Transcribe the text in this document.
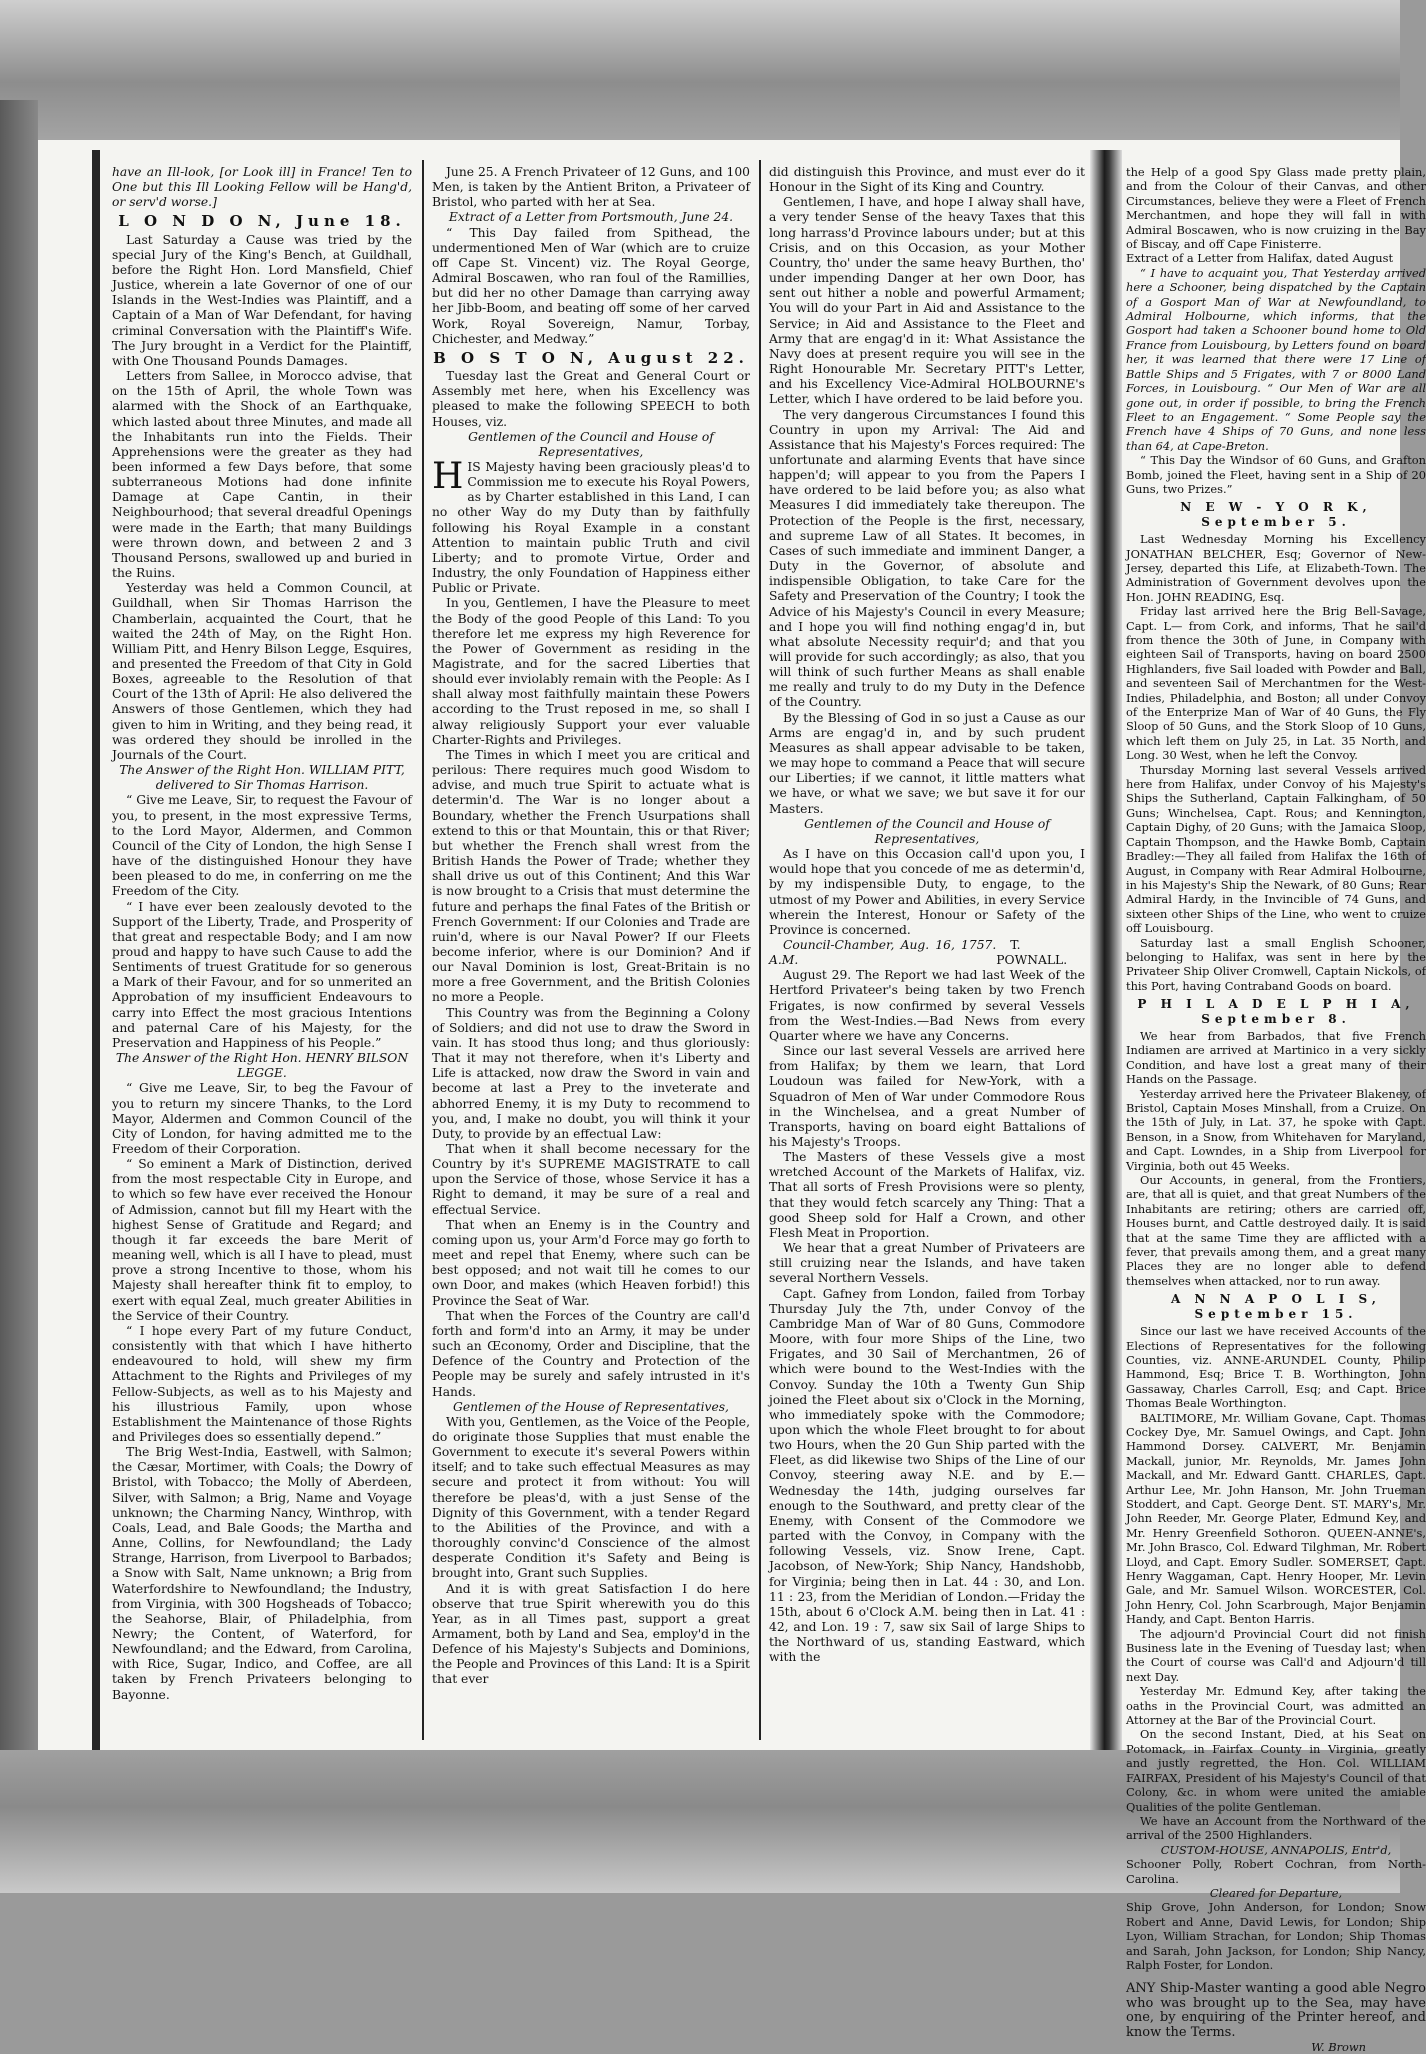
have an Ill-look, [or Look ill] in France! Ten to One but this Ill Looking Fellow will be Hang'd, or serv'd worse.]

L O N D O N, June 18.

Last Saturday a Cause was tried by the special Jury of the King's Bench, at Guildhall, before the Right Hon. Lord Mansfield, Chief Justice, wherein a late Governor of one of our Islands in the West-Indies was Plaintiff, and a Captain of a Man of War Defendant, for having criminal Conversation with the Plaintiff's Wife. The Jury brought in a Verdict for the Plaintiff, with One Thousand Pounds Damages.

Letters from Sallee, in Morocco advise, that on the 15th of April, the whole Town was alarmed with the Shock of an Earthquake, which lasted about three Minutes, and made all the Inhabitants run into the Fields. Their Apprehensions were the greater as they had been informed a few Days before, that some subterraneous Motions had done infinite Damage at Cape Cantin, in their Neighbourhood; that several dreadful Openings were made in the Earth; that many Buildings were thrown down, and between 2 and 3 Thousand Persons, swallowed up and buried in the Ruins.

Yesterday was held a Common Council, at Guildhall, when Sir Thomas Harrison the Chamberlain, acquainted the Court, that he waited the 24th of May, on the Right Hon. William Pitt, and Henry Bilson Legge, Esquires, and presented the Freedom of that City in Gold Boxes, agreeable to the Resolution of that Court of the 13th of April: He also delivered the Answers of those Gentlemen, which they had given to him in Writing, and they being read, it was ordered they should be inrolled in the Journals of the Court.

The Answer of the Right Hon. WILLIAM PITT, delivered to Sir Thomas Harrison.

“ Give me Leave, Sir, to request the Favour of you, to present, in the most expressive Terms, to the Lord Mayor, Aldermen, and Common Council of the City of London, the high Sense I have of the distinguished Honour they have been pleased to do me, in conferring on me the Freedom of the City.

“ I have ever been zealously devoted to the Support of the Liberty, Trade, and Prosperity of that great and respectable Body; and I am now proud and happy to have such Cause to add the Sentiments of truest Gratitude for so generous a Mark of their Favour, and for so unmerited an Approbation of my insufficient Endeavours to carry into Effect the most gracious Intentions and paternal Care of his Majesty, for the Preservation and Happiness of his People.”

The Answer of the Right Hon. HENRY BILSON LEGGE.

“ Give me Leave, Sir, to beg the Favour of you to return my sincere Thanks, to the Lord Mayor, Aldermen and Common Council of the City of London, for having admitted me to the Freedom of their Corporation.

“ So eminent a Mark of Distinction, derived from the most respectable City in Europe, and to which so few have ever received the Honour of Admission, cannot but fill my Heart with the highest Sense of Gratitude and Regard; and though it far exceeds the bare Merit of meaning well, which is all I have to plead, must prove a strong Incentive to those, whom his Majesty shall hereafter think fit to employ, to exert with equal Zeal, much greater Abilities in the Service of their Country.

“ I hope every Part of my future Conduct, consistently with that which I have hitherto endeavoured to hold, will shew my firm Attachment to the Rights and Privileges of my Fellow-Subjects, as well as to his Majesty and his illustrious Family, upon whose Establishment the Maintenance of those Rights and Privileges does so essentially depend.”

The Brig West-India, Eastwell, with Salmon; the Cæsar, Mortimer, with Coals; the Dowry of Bristol, with Tobacco; the Molly of Aberdeen, Silver, with Salmon; a Brig, Name and Voyage unknown; the Charming Nancy, Winthrop, with Coals, Lead, and Bale Goods; the Martha and Anne, Collins, for Newfoundland; the Lady Strange, Harrison, from Liverpool to Barbados; a Snow with Salt, Name unknown; a Brig from Waterfordshire to Newfoundland; the Industry, from Virginia, with 300 Hogsheads of Tobacco; the Seahorse, Blair, of Philadelphia, from Newry; the Content, of Waterford, for Newfoundland; and the Edward, from Carolina, with Rice, Sugar, Indico, and Coffee, are all taken by French Privateers belonging to Bayonne.

June 25. A French Privateer of 12 Guns, and 100 Men, is taken by the Antient Briton, a Privateer of Bristol, who parted with her at Sea.

Extract of a Letter from Portsmouth, June 24.

“ This Day failed from Spithead, the undermentioned Men of War (which are to cruize off Cape St. Vincent) viz. The Royal George, Admiral Boscawen, who ran foul of the Ramillies, but did her no other Damage than carrying away her Jibb-Boom, and beating off some of her carved Work, Royal Sovereign, Namur, Torbay, Chichester, and Medway.”

B O S T O N, August 22.

Tuesday last the Great and General Court or Assembly met here, when his Excellency was pleased to make the following SPEECH to both Houses, viz.

Gentlemen of the Council and House of Representatives,

HIS Majesty having been graciously pleas'd to Commission me to execute his Royal Powers, as by Charter established in this Land, I can no other Way do my Duty than by faithfully following his Royal Example in a constant Attention to maintain public Truth and civil Liberty; and to promote Virtue, Order and Industry, the only Foundation of Happiness either Public or Private.

In you, Gentlemen, I have the Pleasure to meet the Body of the good People of this Land: To you therefore let me express my high Reverence for the Power of Government as residing in the Magistrate, and for the sacred Liberties that should ever inviolably remain with the People: As I shall alway most faithfully maintain these Powers according to the Trust reposed in me, so shall I alway religiously Support your ever valuable Charter-Rights and Privileges.

The Times in which I meet you are critical and perilous: There requires much good Wisdom to advise, and much true Spirit to actuate what is determin'd. The War is no longer about a Boundary, whether the French Usurpations shall extend to this or that Mountain, this or that River; but whether the French shall wrest from the British Hands the Power of Trade; whether they shall drive us out of this Continent; And this War is now brought to a Crisis that must determine the future and perhaps the final Fates of the British or French Government: If our Colonies and Trade are ruin'd, where is our Naval Power? If our Fleets become inferior, where is our Dominion? And if our Naval Dominion is lost, Great-Britain is no more a free Government, and the British Colonies no more a People.

This Country was from the Beginning a Colony of Soldiers; and did not use to draw the Sword in vain. It has stood thus long; and thus gloriously: That it may not therefore, when it's Liberty and Life is attacked, now draw the Sword in vain and become at last a Prey to the inveterate and abhorred Enemy, it is my Duty to recommend to you, and, I make no doubt, you will think it your Duty, to provide by an effectual Law:

That when it shall become necessary for the Country by it's SUPREME MAGISTRATE to call upon the Service of those, whose Service it has a Right to demand, it may be sure of a real and effectual Service.

That when an Enemy is in the Country and coming upon us, your Arm'd Force may go forth to meet and repel that Enemy, where such can be best opposed; and not wait till he comes to our own Door, and makes (which Heaven forbid!) this Province the Seat of War.

That when the Forces of the Country are call'd forth and form'd into an Army, it may be under such an Œconomy, Order and Discipline, that the Defence of the Country and Protection of the People may be surely and safely intrusted in it's Hands.

Gentlemen of the House of Representatives,

With you, Gentlemen, as the Voice of the People, do originate those Supplies that must enable the Government to execute it's several Powers within itself; and to take such effectual Measures as may secure and protect it from without: You will therefore be pleas'd, with a just Sense of the Dignity of this Government, with a tender Regard to the Abilities of the Province, and with a thoroughly convinc'd Conscience of the almost desperate Condition it's Safety and Being is brought into, Grant such Supplies.

And it is with great Satisfaction I do here observe that true Spirit wherewith you do this Year, as in all Times past, support a great Armament, both by Land and Sea, employ'd in the Defence of his Majesty's Subjects and Dominions, the People and Provinces of this Land: It is a Spirit that ever

did distinguish this Province, and must ever do it Honour in the Sight of its King and Country.

Gentlemen, I have, and hope I alway shall have, a very tender Sense of the heavy Taxes that this long harrass'd Province labours under; but at this Crisis, and on this Occasion, as your Mother Country, tho' under the same heavy Burthen, tho' under impending Danger at her own Door, has sent out hither a noble and powerful Armament; You will do your Part in Aid and Assistance to the Service; in Aid and Assistance to the Fleet and Army that are engag'd in it: What Assistance the Navy does at present require you will see in the Right Honourable Mr. Secretary PITT's Letter, and his Excellency Vice-Admiral HOLBOURNE's Letter, which I have ordered to be laid before you.

The very dangerous Circumstances I found this Country in upon my Arrival: The Aid and Assistance that his Majesty's Forces required: The unfortunate and alarming Events that have since happen'd; will appear to you from the Papers I have ordered to be laid before you; as also what Measures I did immediately take thereupon. The Protection of the People is the first, necessary, and supreme Law of all States. It becomes, in Cases of such immediate and imminent Danger, a Duty in the Governor, of absolute and indispensible Obligation, to take Care for the Safety and Preservation of the Country; I took the Advice of his Majesty's Council in every Measure; and I hope you will find nothing engag'd in, but what absolute Necessity requir'd; and that you will provide for such accordingly; as also, that you will think of such further Means as shall enable me really and truly to do my Duty in the Defence of the Country.

By the Blessing of God in so just a Cause as our Arms are engag'd in, and by such prudent Measures as shall appear advisable to be taken, we may hope to command a Peace that will secure our Liberties; if we cannot, it little matters what we have, or what we save; we but save it for our Masters.

Gentlemen of the Council and House of Representatives,

As I have on this Occasion call'd upon you, I would hope that you concede of me as determin'd, by my indispensible Duty, to engage, to the utmost of my Power and Abilities, in every Service wherein the Interest, Honour or Safety of the Province is concerned.

Council-Chamber, Aug. 16, 1757. A.M.
T. POWNALL.

August 29. The Report we had last Week of the Hertford Privateer's being taken by two French Frigates, is now confirmed by several Vessels from the West-Indies.—Bad News from every Quarter where we have any Concerns.

Since our last several Vessels are arrived here from Halifax; by them we learn, that Lord Loudoun was failed for New-York, with a Squadron of Men of War under Commodore Rous in the Winchelsea, and a great Number of Transports, having on board eight Battalions of his Majesty's Troops.

The Masters of these Vessels give a most wretched Account of the Markets of Halifax, viz. That all sorts of Fresh Provisions were so plenty, that they would fetch scarcely any Thing: That a good Sheep sold for Half a Crown, and other Flesh Meat in Proportion.

We hear that a great Number of Privateers are still cruizing near the Islands, and have taken several Northern Vessels.

Capt. Gafney from London, failed from Torbay Thursday July the 7th, under Convoy of the Cambridge Man of War of 80 Guns, Commodore Moore, with four more Ships of the Line, two Frigates, and 30 Sail of Merchantmen, 26 of which were bound to the West-Indies with the Convoy. Sunday the 10th a Twenty Gun Ship joined the Fleet about six o'Clock in the Morning, who immediately spoke with the Commodore; upon which the whole Fleet brought to for about two Hours, when the 20 Gun Ship parted with the Fleet, as did likewise two Ships of the Line of our Convoy, steering away N.E. and by E.— Wednesday the 14th, judging ourselves far enough to the Southward, and pretty clear of the Enemy, with Consent of the Commodore we parted with the Convoy, in Company with the following Vessels, viz. Snow Irene, Capt. Jacobson, of New-York; Ship Nancy, Handshobb, for Virginia; being then in Lat. 44 : 30, and Lon. 11 : 23, from the Meridian of London.—Friday the 15th, about 6 o'Clock A.M. being then in Lat. 41 : 42, and Lon. 19 : 7, saw six Sail of large Ships to the Northward of us, standing Eastward, which with the

the Help of a good Spy Glass made pretty plain, and from the Colour of their Canvas, and other Circumstances, believe they were a Fleet of French Merchantmen, and hope they will fall in with Admiral Boscawen, who is now cruizing in the Bay of Biscay, and off Cape Finisterre.

Extract of a Letter from Halifax, dated August

“ I have to acquaint you, That Yesterday arrived here a Schooner, being dispatched by the Captain of a Gosport Man of War at Newfoundland, to Admiral Holbourne, which informs, that the Gosport had taken a Schooner bound home to Old France from Louisbourg, by Letters found on board her, it was learned that there were 17 Line of Battle Ships and 5 Frigates, with 7 or 8000 Land Forces, in Louisbourg. “ Our Men of War are all gone out, in order if possible, to bring the French Fleet to an Engagement. “ Some People say the French have 4 Ships of 70 Guns, and none less than 64, at Cape-Breton.

“ This Day the Windsor of 60 Guns, and Grafton Bomb, joined the Fleet, having sent in a Ship of 20 Guns, two Prizes.”

N E W - Y O R K, September 5.

Last Wednesday Morning his Excellency JONATHAN BELCHER, Esq; Governor of New-Jersey, departed this Life, at Elizabeth-Town. The Administration of Government devolves upon the Hon. JOHN READING, Esq.

Friday last arrived here the Brig Bell-Savage, Capt. L— from Cork, and informs, That he sail'd from thence the 30th of June, in Company with eighteen Sail of Transports, having on board 2500 Highlanders, five Sail loaded with Powder and Ball, and seventeen Sail of Merchantmen for the West-Indies, Philadelphia, and Boston; all under Convoy of the Enterprize Man of War of 40 Guns, the Fly Sloop of 50 Guns, and the Stork Sloop of 10 Guns, which left them on July 25, in Lat. 35 North, and Long. 30 West, when he left the Convoy.

Thursday Morning last several Vessels arrived here from Halifax, under Convoy of his Majesty's Ships the Sutherland, Captain Falkingham, of 50 Guns; Winchelsea, Capt. Rous; and Kennington, Captain Dighy, of 20 Guns; with the Jamaica Sloop, Captain Thompson, and the Hawke Bomb, Captain Bradley:—They all failed from Halifax the 16th of August, in Company with Rear Admiral Holbourne, in his Majesty's Ship the Newark, of 80 Guns; Rear Admiral Hardy, in the Invincible of 74 Guns, and sixteen other Ships of the Line, who went to cruize off Louisbourg.

Saturday last a small English Schooner, belonging to Halifax, was sent in here by the Privateer Ship Oliver Cromwell, Captain Nickols, of this Port, having Contraband Goods on board.

P H I L A D E L P H I A, September 8.

We hear from Barbados, that five French Indiamen are arrived at Martinico in a very sickly Condition, and have lost a great many of their Hands on the Passage.

Yesterday arrived here the Privateer Blakeney, of Bristol, Captain Moses Minshall, from a Cruize. On the 15th of July, in Lat. 37, he spoke with Capt. Benson, in a Snow, from Whitehaven for Maryland, and Capt. Lowndes, in a Ship from Liverpool for Virginia, both out 45 Weeks.

Our Accounts, in general, from the Frontiers, are, that all is quiet, and that great Numbers of the Inhabitants are retiring; others are carried off, Houses burnt, and Cattle destroyed daily. It is said that at the same Time they are afflicted with a fever, that prevails among them, and a great many Places they are no longer able to defend themselves when attacked, nor to run away.

A N N A P O L I S, September 15.

Since our last we have received Accounts of the Elections of Representatives for the following Counties, viz. ANNE-ARUNDEL County, Philip Hammond, Esq; Brice T. B. Worthington, John Gassaway, Charles Carroll, Esq; and Capt. Brice Thomas Beale Worthington.

BALTIMORE, Mr. William Govane, Capt. Thomas Cockey Dye, Mr. Samuel Owings, and Capt. John Hammond Dorsey. CALVERT, Mr. Benjamin Mackall, junior, Mr. Reynolds, Mr. James John Mackall, and Mr. Edward Gantt. CHARLES, Capt. Arthur Lee, Mr. John Hanson, Mr. John Trueman Stoddert, and Capt. George Dent. ST. MARY's, Mr. John Reeder, Mr. George Plater, Edmund Key, and Mr. Henry Greenfield Sothoron. QUEEN-ANNE's, Mr. John Brasco, Col. Edward Tilghman, Mr. Robert Lloyd, and Capt. Emory Sudler. SOMERSET, Capt. Henry Waggaman, Capt. Henry Hooper, Mr. Levin Gale, and Mr. Samuel Wilson. WORCESTER, Col. John Henry, Col. John Scarbrough, Major Benjamin Handy, and Capt. Benton Harris.

The adjourn'd Provincial Court did not finish Business late in the Evening of Tuesday last; when the Court of course was Call'd and Adjourn'd till next Day.

Yesterday Mr. Edmund Key, after taking the oaths in the Provincial Court, was admitted an Attorney at the Bar of the Provincial Court.

On the second Instant, Died, at his Seat on Potomack, in Fairfax County in Virginia, greatly and justly regretted, the Hon. Col. WILLIAM FAIRFAX, President of his Majesty's Council of that Colony, &c. in whom were united the amiable Qualities of the polite Gentleman.

We have an Account from the Northward of the arrival of the 2500 Highlanders.

CUSTOM-HOUSE, ANNAPOLIS, Entr'd,

Schooner Polly, Robert Cochran, from North-Carolina.

Cleared for Departure,

Ship Grove, John Anderson, for London; Snow Robert and Anne, David Lewis, for London; Ship Lyon, William Strachan, for London; Ship Thomas and Sarah, John Jackson, for London; Ship Nancy, Ralph Foster, for London.

ANY Ship-Master wanting a good able Negro who was brought up to the Sea, may have one, by enquiring of the Printer hereof, and know the Terms.

W. Brown
